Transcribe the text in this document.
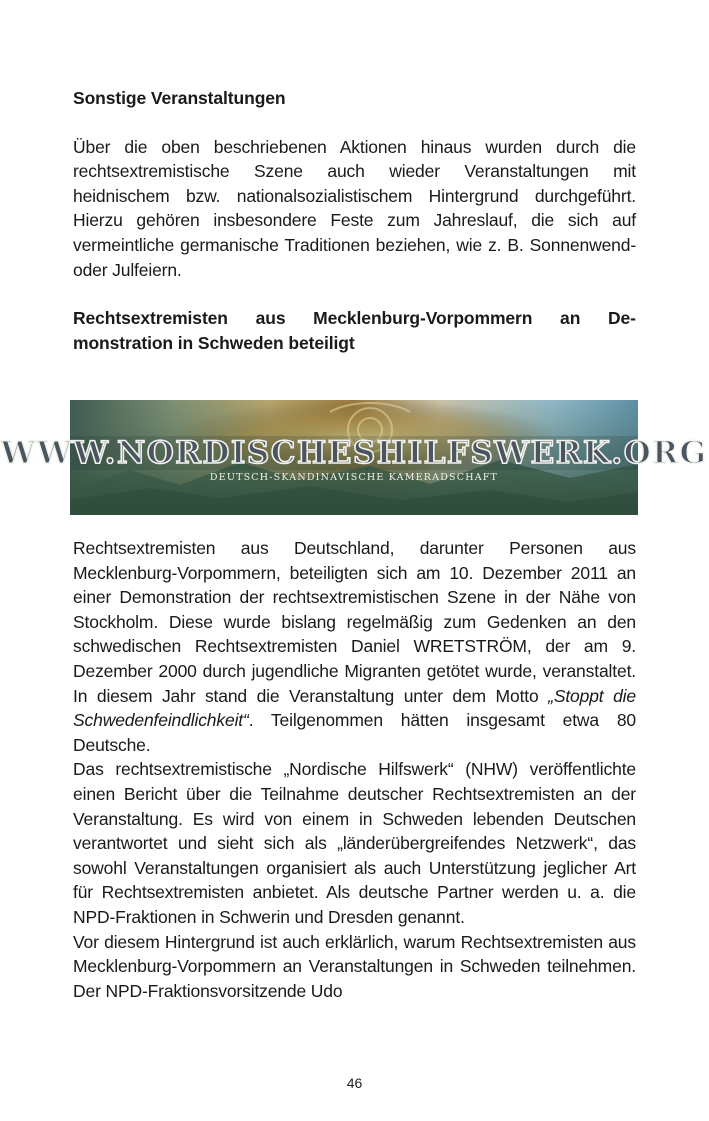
Sonstige Veranstaltungen

Über die oben beschriebenen Aktionen hinaus wurden durch die rechtsextremistische Szene auch wieder Veranstaltungen mit heidnischem bzw. nationalsozialistischem Hintergrund durchgeführt. Hierzu gehören insbesondere Feste zum Jahreslauf, die sich auf vermeintliche germanische Traditionen beziehen, wie z. B. Sonnenwend- oder Julfeiern.

Rechtsextremisten aus Mecklenburg-Vorpommern an Demonstration in Schweden beteiligt
WWW.NORDISCHESHILFSWERK.ORG
DEUTSCH-SKANDINAVISCHE KAMERADSCHAFT

Rechtsextremisten aus Deutschland, darunter Personen aus Mecklenburg-Vorpommern, beteiligten sich am 10. Dezember 2011 an einer Demonstration der rechtsextremistischen Szene in der Nähe von Stockholm. Diese wurde bislang regelmäßig zum Gedenken an den schwedischen Rechtsextremisten Daniel WRETSTRÖM, der am 9. Dezember 2000 durch jugendliche Migranten getötet wurde, veranstaltet. In diesem Jahr stand die Veranstaltung unter dem Motto „Stoppt die Schwedenfeindlichkeit“. Teilgenommen hätten insgesamt etwa 80 Deutsche.

Das rechtsextremistische „Nordische Hilfswerk“ (NHW) veröffentlichte einen Bericht über die Teilnahme deutscher Rechtsextremisten an der Veranstaltung. Es wird von einem in Schweden lebenden Deutschen verantwortet und sieht sich als „länderübergreifendes Netzwerk“, das sowohl Veranstaltungen organisiert als auch Unterstützung jeglicher Art für Rechtsextremisten anbietet. Als deutsche Partner werden u. a. die NPD-Fraktionen in Schwerin und Dresden genannt.

Vor diesem Hintergrund ist auch erklärlich, warum Rechtsextremisten aus Mecklenburg-Vorpommern an Veranstaltungen in Schweden teilnehmen. Der NPD-Fraktionsvorsitzende Udo

46
